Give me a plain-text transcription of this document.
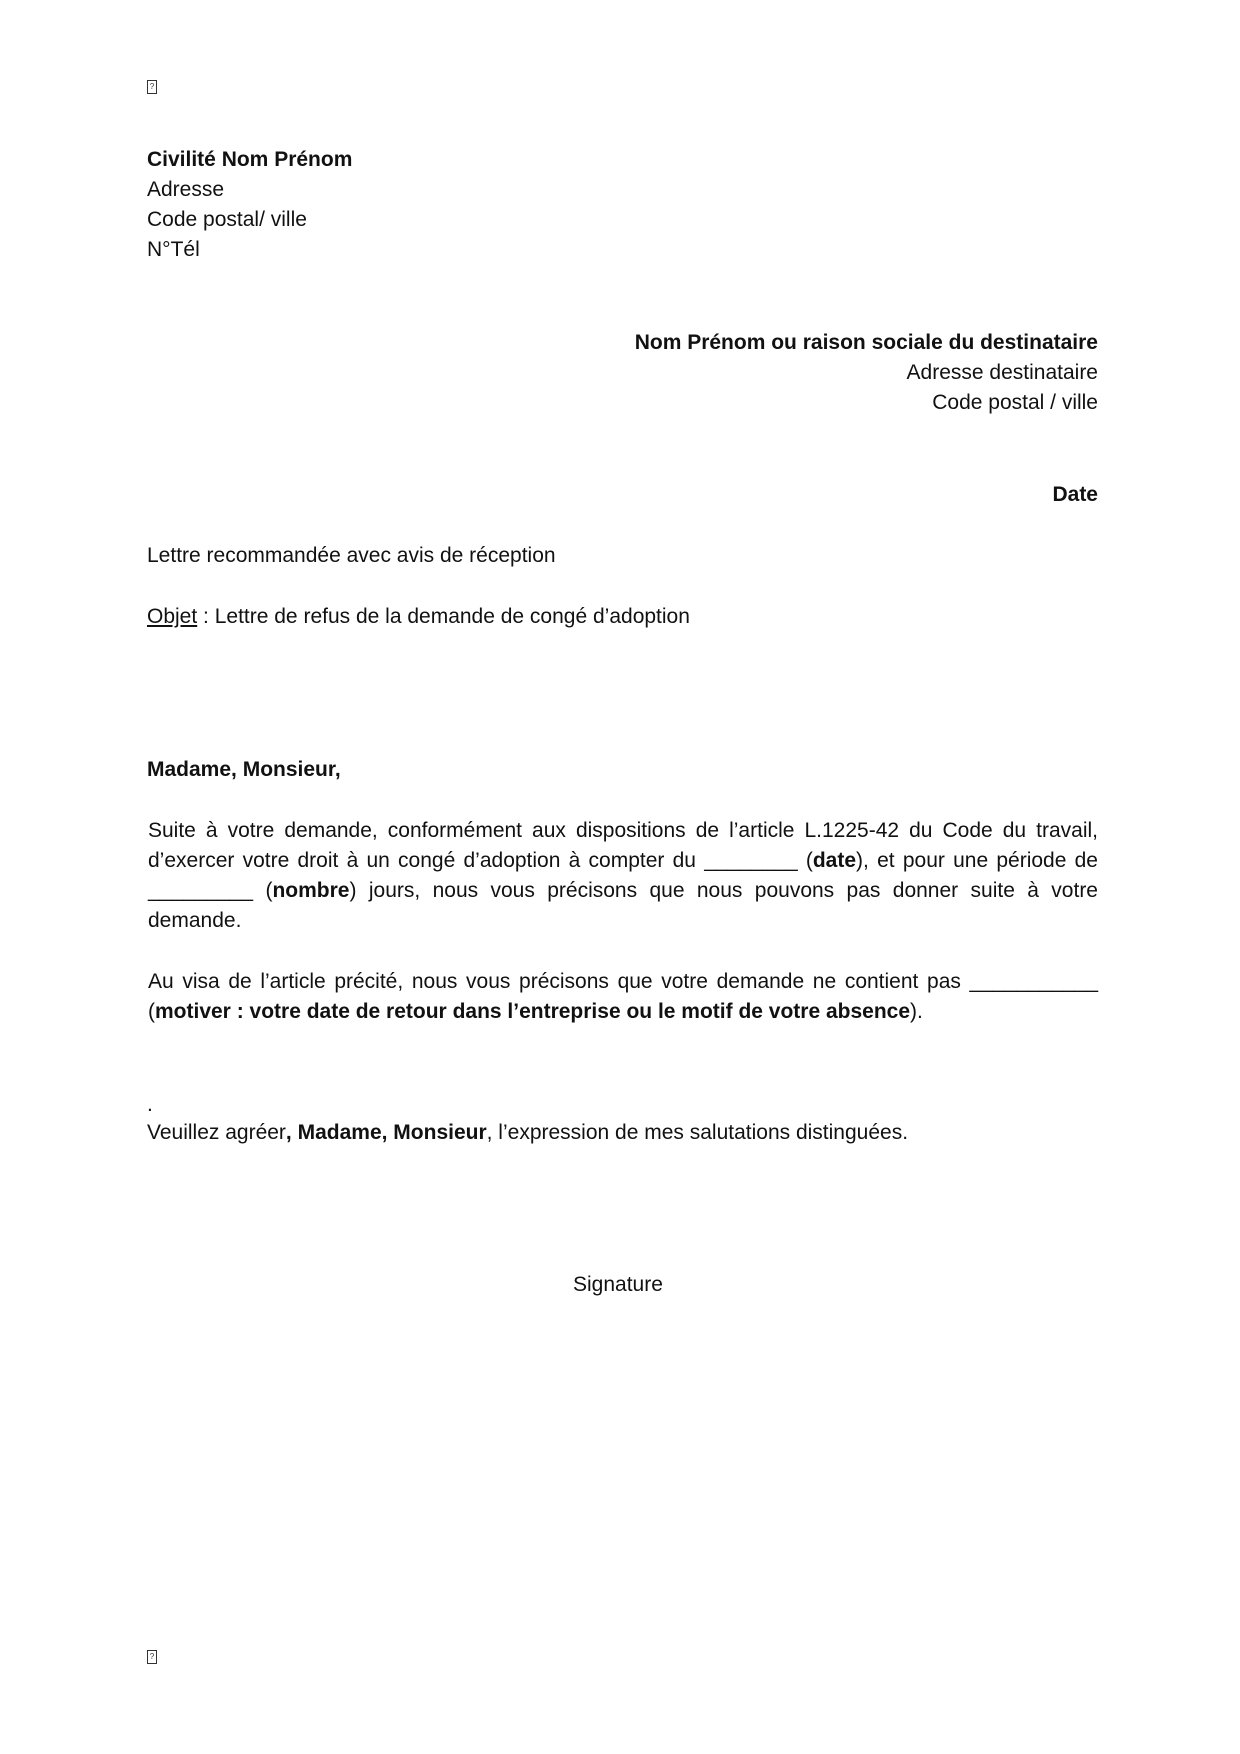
?
Civilité Nom Prénom
Adresse
Code postal/ ville
N°Tél
Nom Prénom ou raison sociale du destinataire
Adresse destinataire
Code postal / ville
Date
Lettre recommandée avec avis de réception
Objet : Lettre de refus de la demande de congé d’adoption
Madame, Monsieur,
Suite à votre demande, conformément aux dispositions de l’article L.1225-42 du Code du travail, d’exercer votre droit à un congé d’adoption à compter du ________ (date), et pour une période de _________ (nombre) jours, nous vous précisons que nous pouvons pas donner suite à votre demande.
Au visa de l’article précité, nous vous précisons que votre demande ne contient pas ___________ (motiver : votre date de retour dans l’entreprise ou le motif de votre absence).
.
Veuillez agréer, Madame, Monsieur, l’expression de mes salutations distinguées.
Signature
?
